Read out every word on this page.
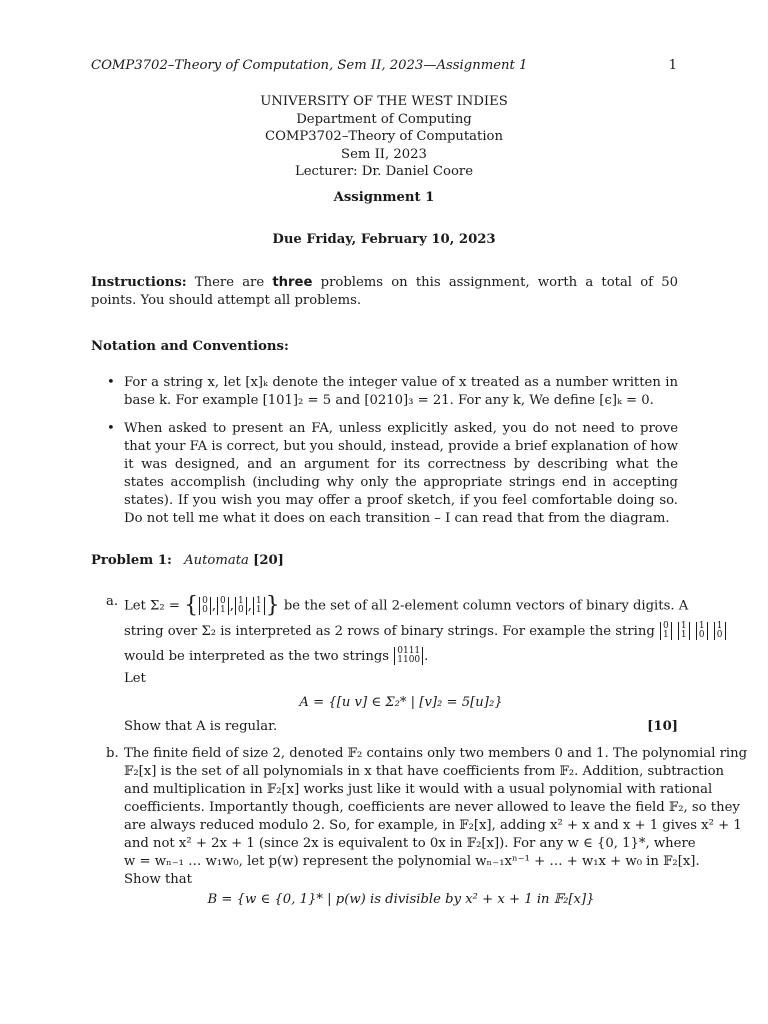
COMP3702–Theory of Computation, Sem II, 2023—Assignment 1	1
UNIVERSITY OF THE WEST INDIES
Department of Computing
COMP3702–Theory of Computation
Sem II, 2023
Lecturer: Dr. Daniel Coore
Assignment 1
Due Friday, February 10, 2023
Instructions: There are three problems on this assignment, worth a total of 50 points. You should attempt all problems.
Notation and Conventions:
• For a string x, let [x]ₖ denote the integer value of x treated as a number written in base k. For example [101]₂ = 5 and [0210]₃ = 21. For any k, We define [ϵ]ₖ = 0.
• When asked to present an FA, unless explicitly asked, you do not need to prove that your FA is correct, but you should, instead, provide a brief explanation of how it was designed, and an argument for its correctness by describing what the states accomplish (including why only the appropriate strings end in accepting states). If you wish you may offer a proof sketch, if you feel comfortable doing so. Do not tell me what it does on each transition – I can read that from the diagram.
Problem 1: Automata [20]
a. Let Σ₂ = { 0
0 , 0
1 , 1
0 , 1
1 } be the set of all 2-element column vectors of binary digits. A
string over Σ₂ is interpreted as 2 rows of binary strings. For example the string 0
1

1
1

1
0

1
0
would be interpreted as the two strings 0111
1100 .
Let
A = {[u v] ∈ Σ₂* | [v]₂ = 5[u]₂}
Show that A is regular.	[10]
b. The finite field of size 2, denoted 𝔽₂ contains only two members 0 and 1. The polynomial ring
𝔽₂[x] is the set of all polynomials in x that have coefficients from 𝔽₂. Addition, subtraction
and multiplication in 𝔽₂[x] works just like it would with a usual polynomial with rational
coefficients. Importantly though, coefficients are never allowed to leave the field 𝔽₂, so they
are always reduced modulo 2. So, for example, in 𝔽₂[x], adding x² + x and x + 1 gives x² + 1
and not x² + 2x + 1 (since 2x is equivalent to 0x in 𝔽₂[x]). For any w ∈ {0, 1}*, where
w = wₙ₋₁ … w₁w₀, let p(w) represent the polynomial wₙ₋₁xⁿ⁻¹ + … + w₁x + w₀ in 𝔽₂[x].
Show that
B = {w ∈ {0, 1}* | p(w) is divisible by x² + x + 1 in 𝔽₂[x]}
